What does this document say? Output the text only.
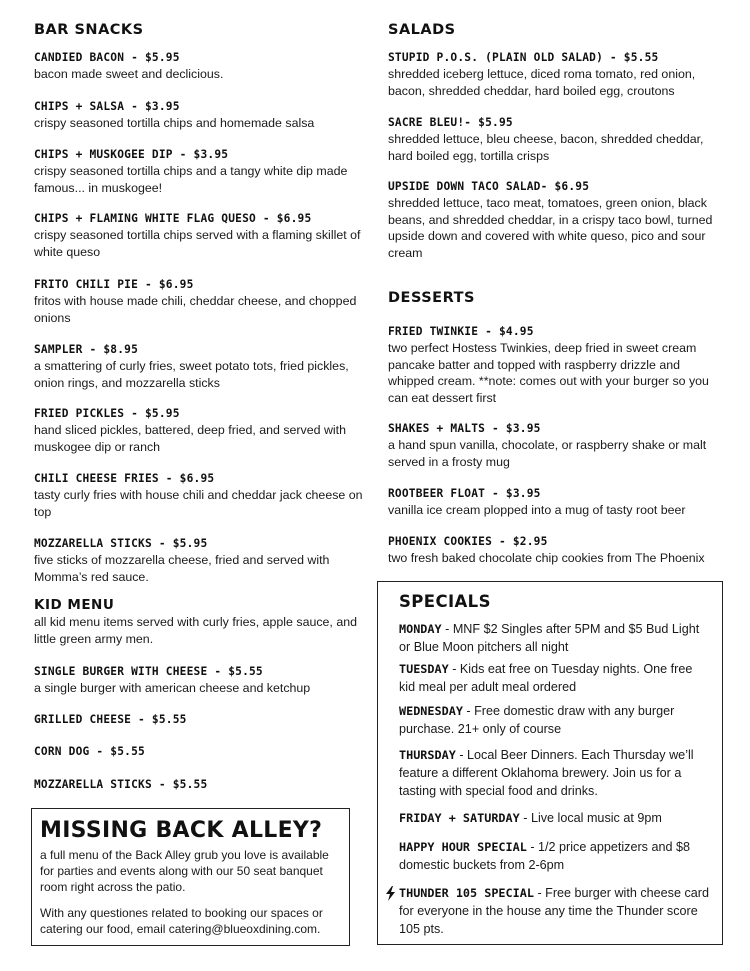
BAR SNACKS
CANDIED BACON - $5.95
bacon made sweet and declicious.
CHIPS + SALSA - $3.95
crispy seasoned tortilla chips and homemade salsa
CHIPS + MUSKOGEE DIP - $3.95
crispy seasoned tortilla chips and a tangy white dip made famous... in muskogee!
CHIPS + FLAMING WHITE FLAG QUESO - $6.95
crispy seasoned tortilla chips served with a flaming skillet of white queso
FRITO CHILI PIE - $6.95
fritos with house made chili, cheddar cheese, and chopped onions
SAMPLER - $8.95
a smattering of curly fries, sweet potato tots, fried pickles, onion rings, and mozzarella sticks
FRIED PICKLES - $5.95
hand sliced pickles, battered, deep fried, and served with muskogee dip or ranch
CHILI CHEESE FRIES - $6.95
tasty curly fries with house chili and cheddar jack cheese on top
MOZZARELLA STICKS - $5.95
five sticks of mozzarella cheese, fried and served with Momma’s red sauce.
KID MENU
all kid menu items served with curly fries, apple sauce, and little green army men.
SINGLE BURGER WITH CHEESE - $5.55
a single burger with american cheese and ketchup
GRILLED CHEESE - $5.55
CORN DOG - $5.55
MOZZARELLA STICKS - $5.55
MISSING BACK ALLEY?
a full menu of the Back Alley grub you love is available for parties and events along with our 50 seat banquet room right across the patio.
With any questiones related to booking our spaces or catering our food, email catering@blueoxdining.com.
SALADS
STUPID P.O.S. (PLAIN OLD SALAD) - $5.55
shredded iceberg lettuce, diced roma tomato, red onion, bacon, shredded cheddar, hard boiled egg, croutons
SACRE BLEU!- $5.95
shredded lettuce, bleu cheese, bacon, shredded cheddar, hard boiled egg, tortilla crisps
UPSIDE DOWN TACO SALAD- $6.95
shredded lettuce, taco meat, tomatoes, green onion, black beans, and shredded cheddar, in a crispy taco bowl, turned upside down and covered with white queso, pico and sour cream
DESSERTS
FRIED TWINKIE - $4.95
two perfect Hostess Twinkies, deep fried in sweet cream pancake batter and topped with raspberry drizzle and whipped cream. **note: comes out with your burger so you can eat dessert first
SHAKES + MALTS - $3.95
a hand spun vanilla, chocolate, or raspberry shake or malt served in a frosty mug
ROOTBEER FLOAT - $3.95
vanilla ice cream plopped into a mug of tasty root beer
PHOENIX COOKIES - $2.95
two fresh baked chocolate chip cookies from The Phoenix
SPECIALS
MONDAY - MNF $2 Singles after 5PM and $5 Bud Light or Blue Moon pitchers all night
TUESDAY - Kids eat free on Tuesday nights. One free kid meal per adult meal ordered
WEDNESDAY - Free domestic draw with any burger purchase. 21+ only of course
THURSDAY - Local Beer Dinners. Each Thursday we’ll feature a different Oklahoma brewery. Join us for a tasting with special food and drinks.
FRIDAY + SATURDAY - Live local music at 9pm
HAPPY HOUR SPECIAL - 1/2 price appetizers and $8 domestic buckets from 2-6pm
THUNDER 105 SPECIAL - Free burger with cheese card for everyone in the house any time the Thunder score 105 pts.
